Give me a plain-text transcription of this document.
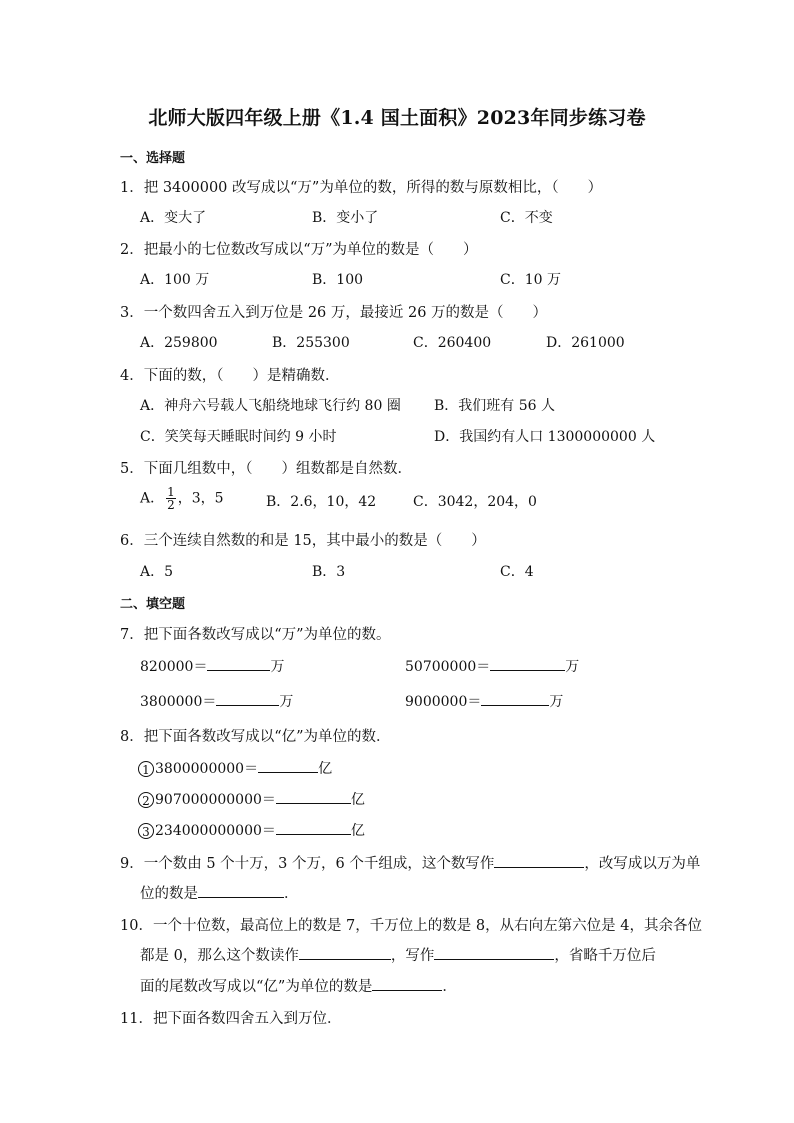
北师大版四年级上册《1.4 国土面积》2023年同步练习卷
一、选择题
1．把 3400000 改写成以“万”为单位的数，所得的数与原数相比，（　　）
A．变大了	B．变小了	C．不变
2．把最小的七位数改写成以“万”为单位的数是（　　）
A．100 万	B．100	C．10 万
3．一个数四舍五入到万位是 26 万，最接近 26 万的数是（　　）
A．259800	B．255300	C．260400	D．261000
4．下面的数，（　　）是精确数．
A．神舟六号载人飞船绕地球飞行约 80 圈 B．我们班有 56 人
C．笑笑每天睡眠时间约 9 小时	D．我国约有人口 1300000000 人
5．下面几组数中，（　　）组数都是自然数．
A． $\frac{1}{2}$ ，3，5	B．2.6，10，42	C．3042，204，0
6．三个连续自然数的和是 15，其中最小的数是（　　）
A．5	B．3	C．4
二、填空题
7．把下面各数改写成以“万”为单位的数。
820000＝	万	50700000＝	万
3800000＝	万	9000000＝	万
8．把下面各数改写成以“亿”为单位的数．
1 3800000000＝	亿
2 907000000000＝	亿
3 234000000000＝	亿
9．一个数由 5 个十万，3 个万，6 个千组成，这个数写作	，改写成以万为单
位的数是	．
10．一个十位数，最高位上的数是 7，千万位上的数是 8，从右向左第六位是 4，其余各位
都是 0，那么这个数读作	，写作	，省略千万位后
面的尾数改写成以“亿”为单位的数是	．
11．把下面各数四舍五入到万位．
